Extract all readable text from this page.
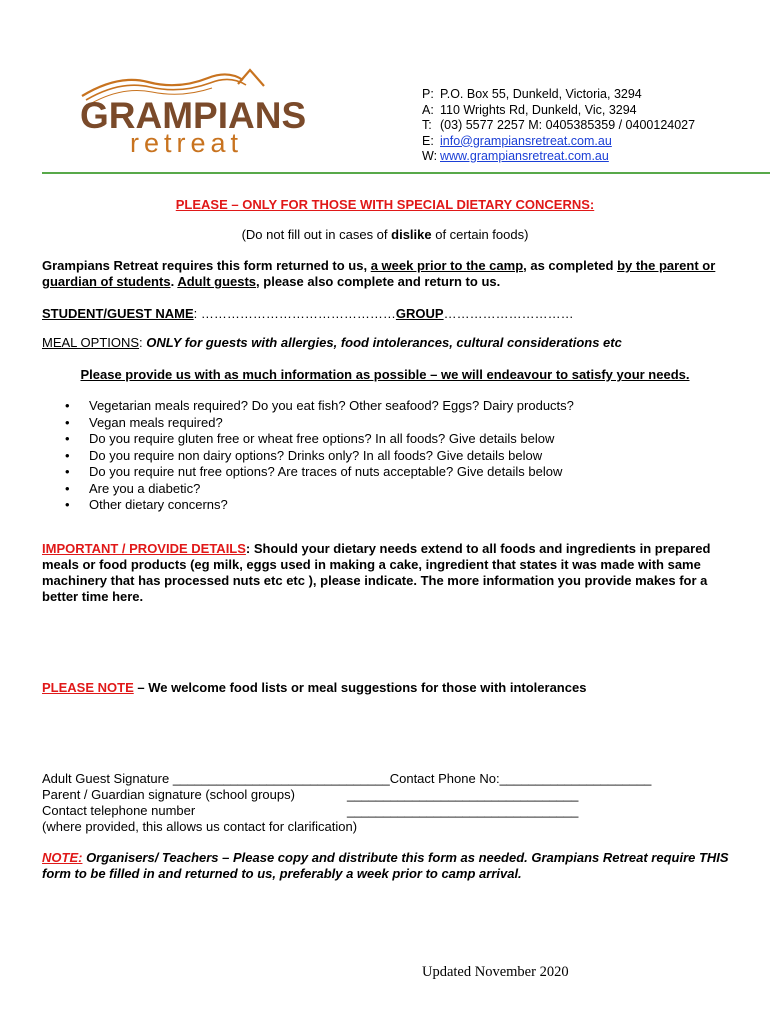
GRAMPIANS
retreat
P: P.O. Box 55, Dunkeld, Victoria, 3294
A: 110 Wrights Rd, Dunkeld, Vic, 3294
T: (03) 5577 2257 M: 0405385359 / 0400124027
E: info@grampiansretreat.com.au
W: www.grampiansretreat.com.au
PLEASE – ONLY FOR THOSE WITH SPECIAL DIETARY CONCERNS:
(Do not fill out in cases of dislike of certain foods)
Grampians Retreat requires this form returned to us, a week prior to the camp, as completed by the parent or guardian of students. Adult guests, please also complete and return to us.
STUDENT/GUEST NAME: ………………………………………GROUP…………………………
MEAL OPTIONS: ONLY for guests with allergies, food intolerances, cultural considerations etc
Please provide us with as much information as possible – we will endeavour to satisfy your needs.
• Vegetarian meals required? Do you eat fish? Other seafood? Eggs? Dairy products?
• Vegan meals required?
• Do you require gluten free or wheat free options? In all foods? Give details below
• Do you require non dairy options? Drinks only? In all foods? Give details below
• Do you require nut free options? Are traces of nuts acceptable? Give details below
• Are you a diabetic?
• Other dietary concerns?
IMPORTANT / PROVIDE DETAILS: Should your dietary needs extend to all foods and ingredients in prepared meals or food products (eg milk, eggs used in making a cake, ingredient that states it was made with same machinery that has processed nuts etc etc ), please indicate. The more information you provide makes for a better time here.
PLEASE NOTE – We welcome food lists or meal suggestions for those with intolerances
Adult Guest Signature ______________________________Contact Phone No:_____________________
Parent / Guardian signature (school groups)	________________________________
Contact telephone number	________________________________
(where provided, this allows us contact for clarification)
NOTE: Organisers/ Teachers – Please copy and distribute this form as needed. Grampians Retreat require THIS form to be filled in and returned to us, preferably a week prior to camp arrival.
Updated November 2020
